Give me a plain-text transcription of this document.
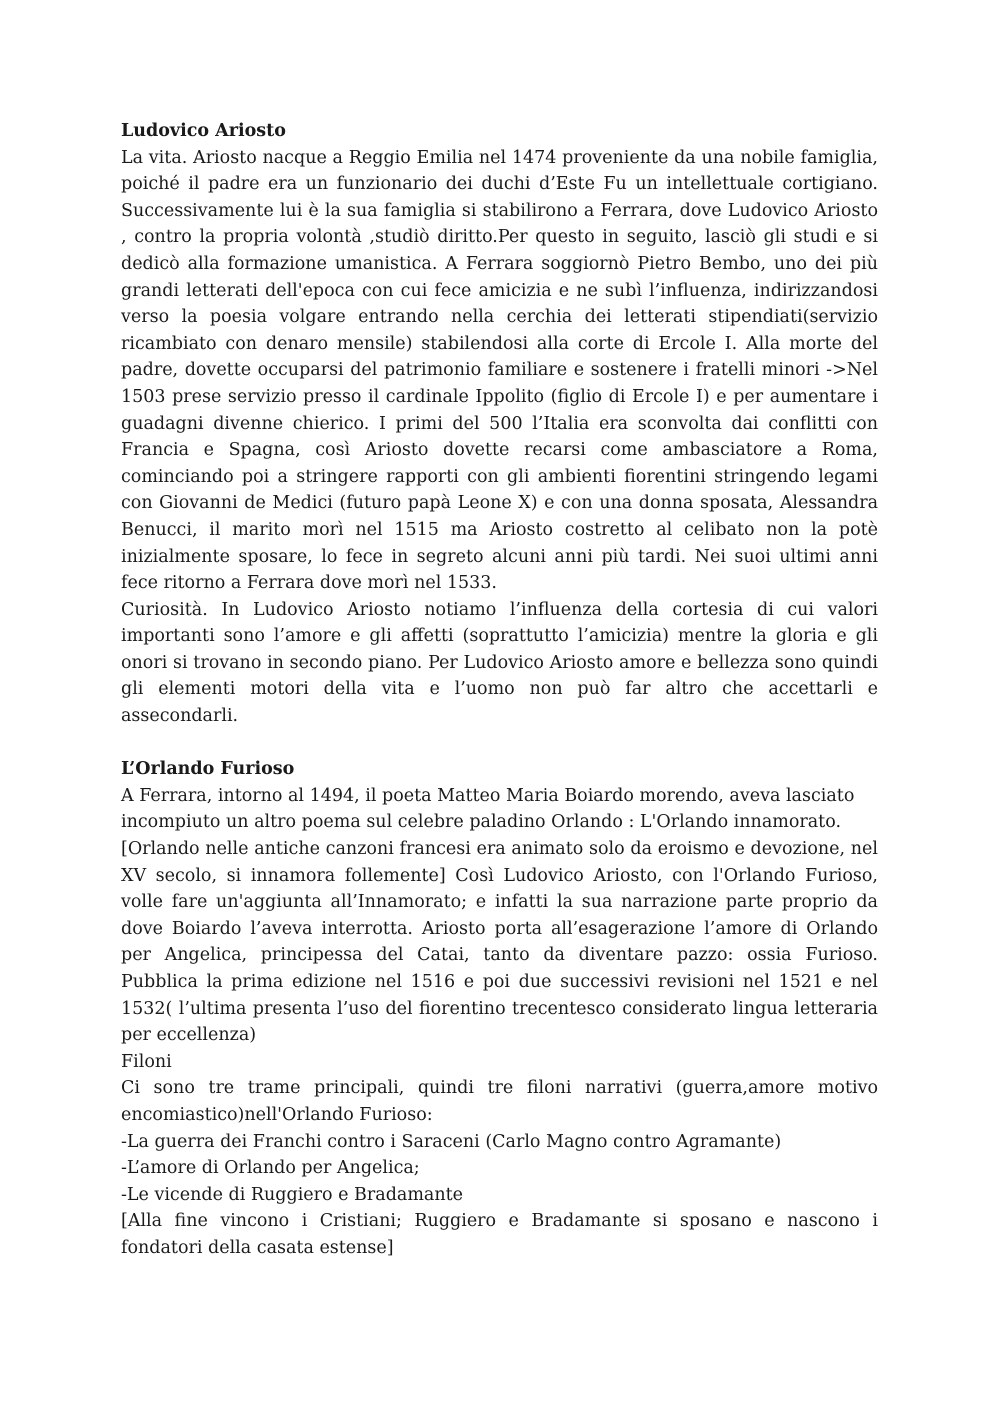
Ludovico Ariosto

La vita. Ariosto nacque a Reggio Emilia nel 1474 proveniente da una nobile famiglia, poiché il padre era un funzionario dei duchi d’Este Fu un intellettuale cortigiano. Successivamente lui è la sua famiglia si stabilirono a Ferrara, dove Ludovico Ariosto , contro la propria volontà ,studiò diritto.Per questo in seguito, lasciò gli studi e si dedicò alla formazione umanistica. A Ferrara soggiornò Pietro Bembo, uno dei più grandi letterati dell'epoca con cui fece amicizia e ne subì l’influenza, indirizzandosi verso la poesia volgare entrando nella cerchia dei letterati stipendiati(servizio ricambiato con denaro mensile) stabilendosi alla corte di Ercole I. Alla morte del padre, dovette occuparsi del patrimonio familiare e sostenere i fratelli minori ->Nel 1503 prese servizio presso il cardinale Ippolito (figlio di Ercole I) e per aumentare i guadagni divenne chierico. I primi del 500 l’Italia era sconvolta dai conflitti con Francia e Spagna, così Ariosto dovette recarsi come ambasciatore a Roma, cominciando poi a stringere rapporti con gli ambienti fiorentini stringendo legami con Giovanni de Medici (futuro papà Leone X) e con una donna sposata, Alessandra Benucci, il marito morì nel 1515 ma Ariosto costretto al celibato non la potè inizialmente sposare, lo fece in segreto alcuni anni più tardi. Nei suoi ultimi anni fece ritorno a Ferrara dove morì nel 1533.

Curiosità. In Ludovico Ariosto notiamo l’influenza della cortesia di cui valori importanti sono l’amore e gli affetti (soprattutto l’amicizia) mentre la gloria e gli onori si trovano in secondo piano. Per Ludovico Ariosto amore e bellezza sono quindi gli elementi motori della vita e l’uomo non può far altro che accettarli e assecondarli.

L’Orlando Furioso

A Ferrara, intorno al 1494, il poeta Matteo Maria Boiardo morendo, aveva lasciato incompiuto un altro poema sul celebre paladino Orlando : L'Orlando innamorato.

[Orlando nelle antiche canzoni francesi era animato solo da eroismo e devozione, nel XV secolo, si innamora follemente] Così Ludovico Ariosto, con l'Orlando Furioso, volle fare un'aggiunta all’Innamorato; e infatti la sua narrazione parte proprio da dove Boiardo l’aveva interrotta. Ariosto porta all’esagerazione l’amore di Orlando per Angelica, principessa del Catai, tanto da diventare pazzo: ossia Furioso. Pubblica la prima edizione nel 1516 e poi due successivi revisioni nel 1521 e nel 1532( l’ultima presenta l’uso del fiorentino trecentesco considerato lingua letteraria per eccellenza)

Filoni

Ci sono tre trame principali, quindi tre filoni narrativi (guerra,amore motivo encomiastico)nell'Orlando Furioso:

-La guerra dei Franchi contro i Saraceni (Carlo Magno contro Agramante)

-L’amore di Orlando per Angelica;

-Le vicende di Ruggiero e Bradamante

[Alla fine vincono i Cristiani; Ruggiero e Bradamante si sposano e nascono i fondatori della casata estense]
